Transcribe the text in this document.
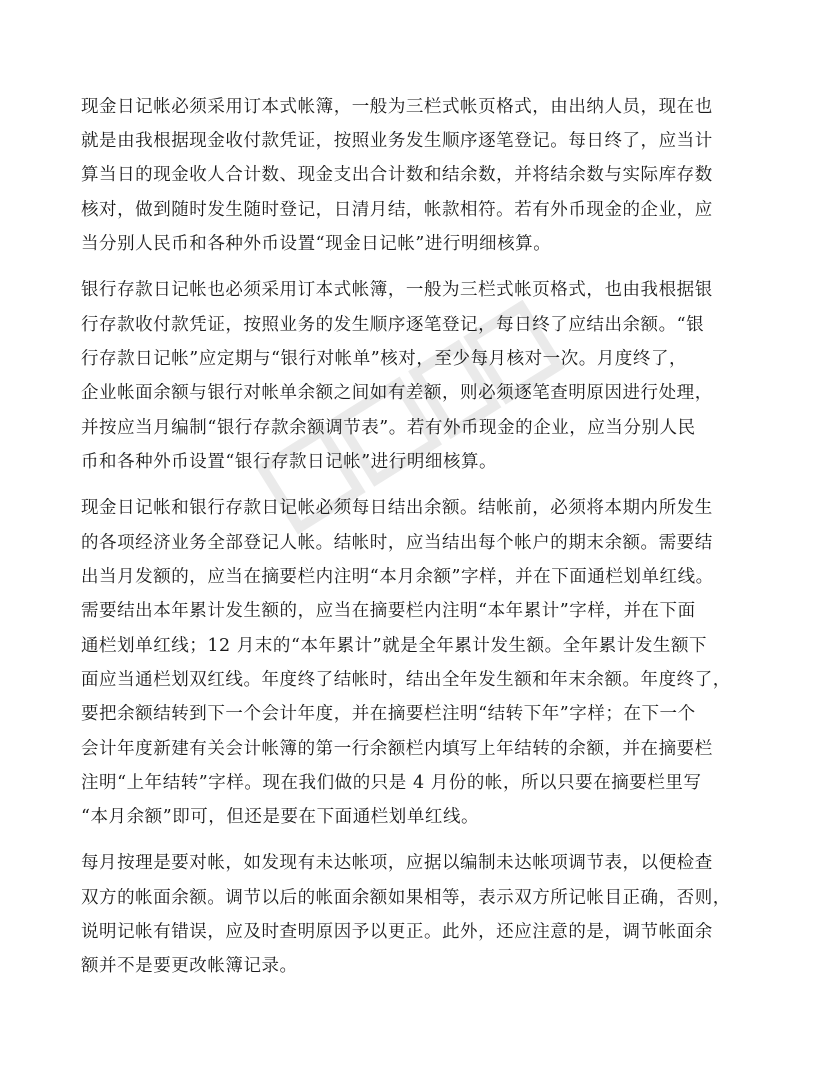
现金日记帐必须采用订本式帐簿，一般为三栏式帐页格式，由出纳人员，现在也
就是由我根据现金收付款凭证，按照业务发生顺序逐笔登记。每日终了，应当计
算当日的现金收人合计数、现金支出合计数和结余数，并将结余数与实际库存数
核对，做到随时发生随时登记，日清月结，帐款相符。若有外币现金的企业，应
当分别人民币和各种外币设置“现金日记帐”进行明细核算。
银行存款日记帐也必须采用订本式帐簿，一般为三栏式帐页格式，也由我根据银
行存款收付款凭证，按照业务的发生顺序逐笔登记，每日终了应结出余额。“银
行存款日记帐”应定期与“银行对帐单”核对，至少每月核对一次。月度终了，
企业帐面余额与银行对帐单余额之间如有差额，则必须逐笔查明原因进行处理，
并按应当月编制“银行存款余额调节表”。若有外币现金的企业，应当分别人民
币和各种外币设置“银行存款日记帐”进行明细核算。
现金日记帐和银行存款日记帐必须每日结出余额。结帐前，必须将本期内所发生
的各项经济业务全部登记人帐。结帐时，应当结出每个帐户的期末余额。需要结
出当月发额的，应当在摘要栏内注明“本月余额”字样，并在下面通栏划单红线。
需要结出本年累计发生额的，应当在摘要栏内注明“本年累计”字样，并在下面
通栏划单红线；12 月末的“本年累计”就是全年累计发生额。全年累计发生额下
面应当通栏划双红线。年度终了结帐时，结出全年发生额和年末余额。年度终了，
要把余额结转到下一个会计年度，并在摘要栏注明“结转下年”字样；在下一个
会计年度新建有关会计帐簿的第一行余额栏内填写上年结转的余额，并在摘要栏
注明“上年结转”字样。现在我们做的只是 4 月份的帐，所以只要在摘要栏里写
“本月余额”即可，但还是要在下面通栏划单红线。
每月按理是要对帐，如发现有未达帐项，应据以编制未达帐项调节表，以便检查
双方的帐面余额。调节以后的帐面余额如果相等，表示双方所记帐目正确，否则，
说明记帐有错误，应及时查明原因予以更正。此外，还应注意的是，调节帐面余
额并不是要更改帐簿记录。
